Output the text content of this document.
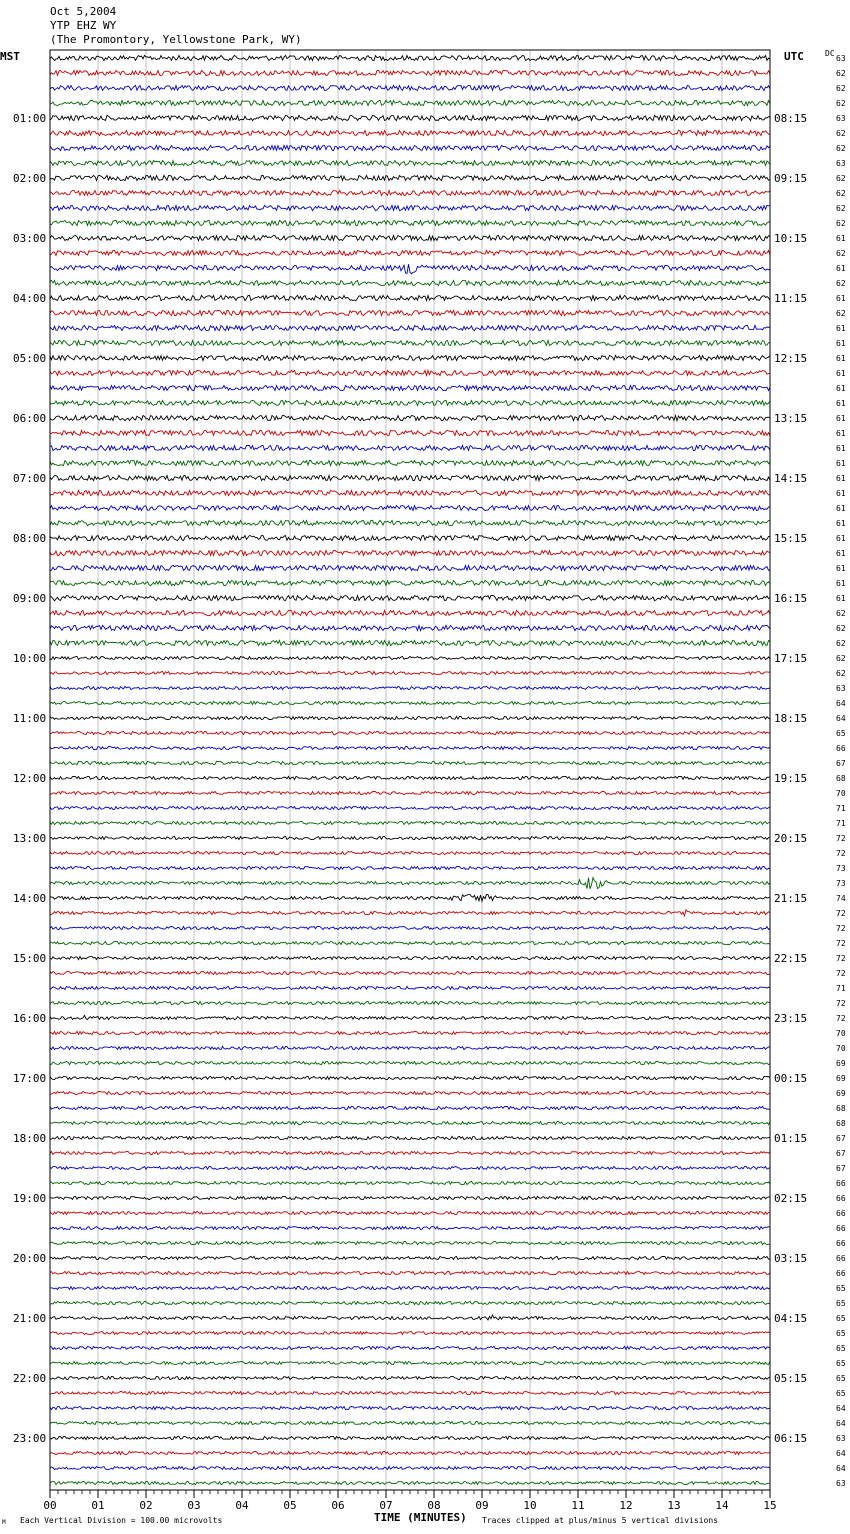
Oct 5,2004
YTP EHZ WY
(The Promontory, Yellowstone Park, WY)
01:00
02:00
03:00
04:00
05:00
06:00
07:00
08:00
09:00
10:00
11:00
12:00
13:00
14:00
15:00
16:00
17:00
18:00
19:00
20:00
21:00
22:00
23:00
08:15
09:15
10:15
11:15
12:15
13:15
14:15
15:15
16:15
17:15
18:15
19:15
20:15
21:15
22:15
23:15
00:15
01:15
02:15
03:15
04:15
05:15
06:15
63
62
62
62
63
62
62
63
62
62
62
62
61
62
61
62
61
62
61
61
61
61
61
61
61
61
61
61
61
61
61
61
61
61
61
61
61
62
62
62
62
62
63
64
64
65
66
67
68
70
71
71
72
72
73
73
74
72
72
72
72
72
71
72
72
70
70
69
69
69
68
68
67
67
67
66
66
66
66
66
66
66
65
65
65
65
65
65
65
65
64
64
63
64
64
63
00	01	02	03	04	05	06	07	08	09	10	11	12	13	14	15
MST	UTC	DC
TIME (MINUTES)
Each Vertical Division = 100.00 microvolts	Traces clipped at plus/minus 5 vertical divisions
M
